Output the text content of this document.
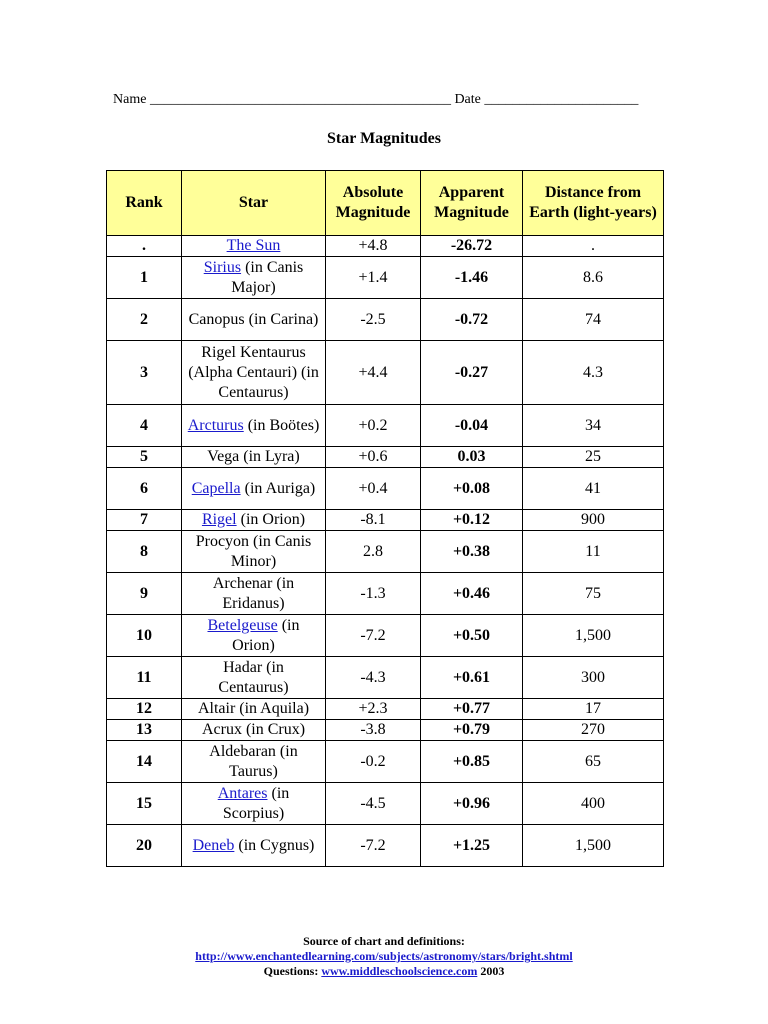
Name ___________________________________________ Date ______________________
Star Magnitudes
Rank	Star	Absolute Magnitude	Apparent Magnitude	Distance from Earth (light-years)
.	The Sun	+4.8	-26.72	.
1	Sirius (in Canis Major)	+1.4	-1.46	8.6
2	Canopus (in Carina)	-2.5	-0.72	74
3	Rigel Kentaurus (Alpha Centauri) (in Centaurus)	+4.4	-0.27	4.3
4	Arcturus (in Boötes)	+0.2	-0.04	34
5	Vega (in Lyra)	+0.6	0.03	25
6	Capella (in Auriga)	+0.4	+0.08	41
7	Rigel (in Orion)	-8.1	+0.12	900
8	Procyon (in Canis Minor)	2.8	+0.38	11
9	Archenar (in Eridanus)	-1.3	+0.46	75
10	Betelgeuse (in Orion)	-7.2	+0.50	1,500
11	Hadar (in Centaurus)	-4.3	+0.61	300
12	Altair (in Aquila)	+2.3	+0.77	17
13	Acrux (in Crux)	-3.8	+0.79	270
14	Aldebaran (in Taurus)	-0.2	+0.85	65
15	Antares (in Scorpius)	-4.5	+0.96	400
20	Deneb (in Cygnus)	-7.2	+1.25	1,500
Source of chart and definitions:
http://www.enchantedlearning.com/subjects/astronomy/stars/bright.shtml
Questions: www.middleschoolscience.com 2003
